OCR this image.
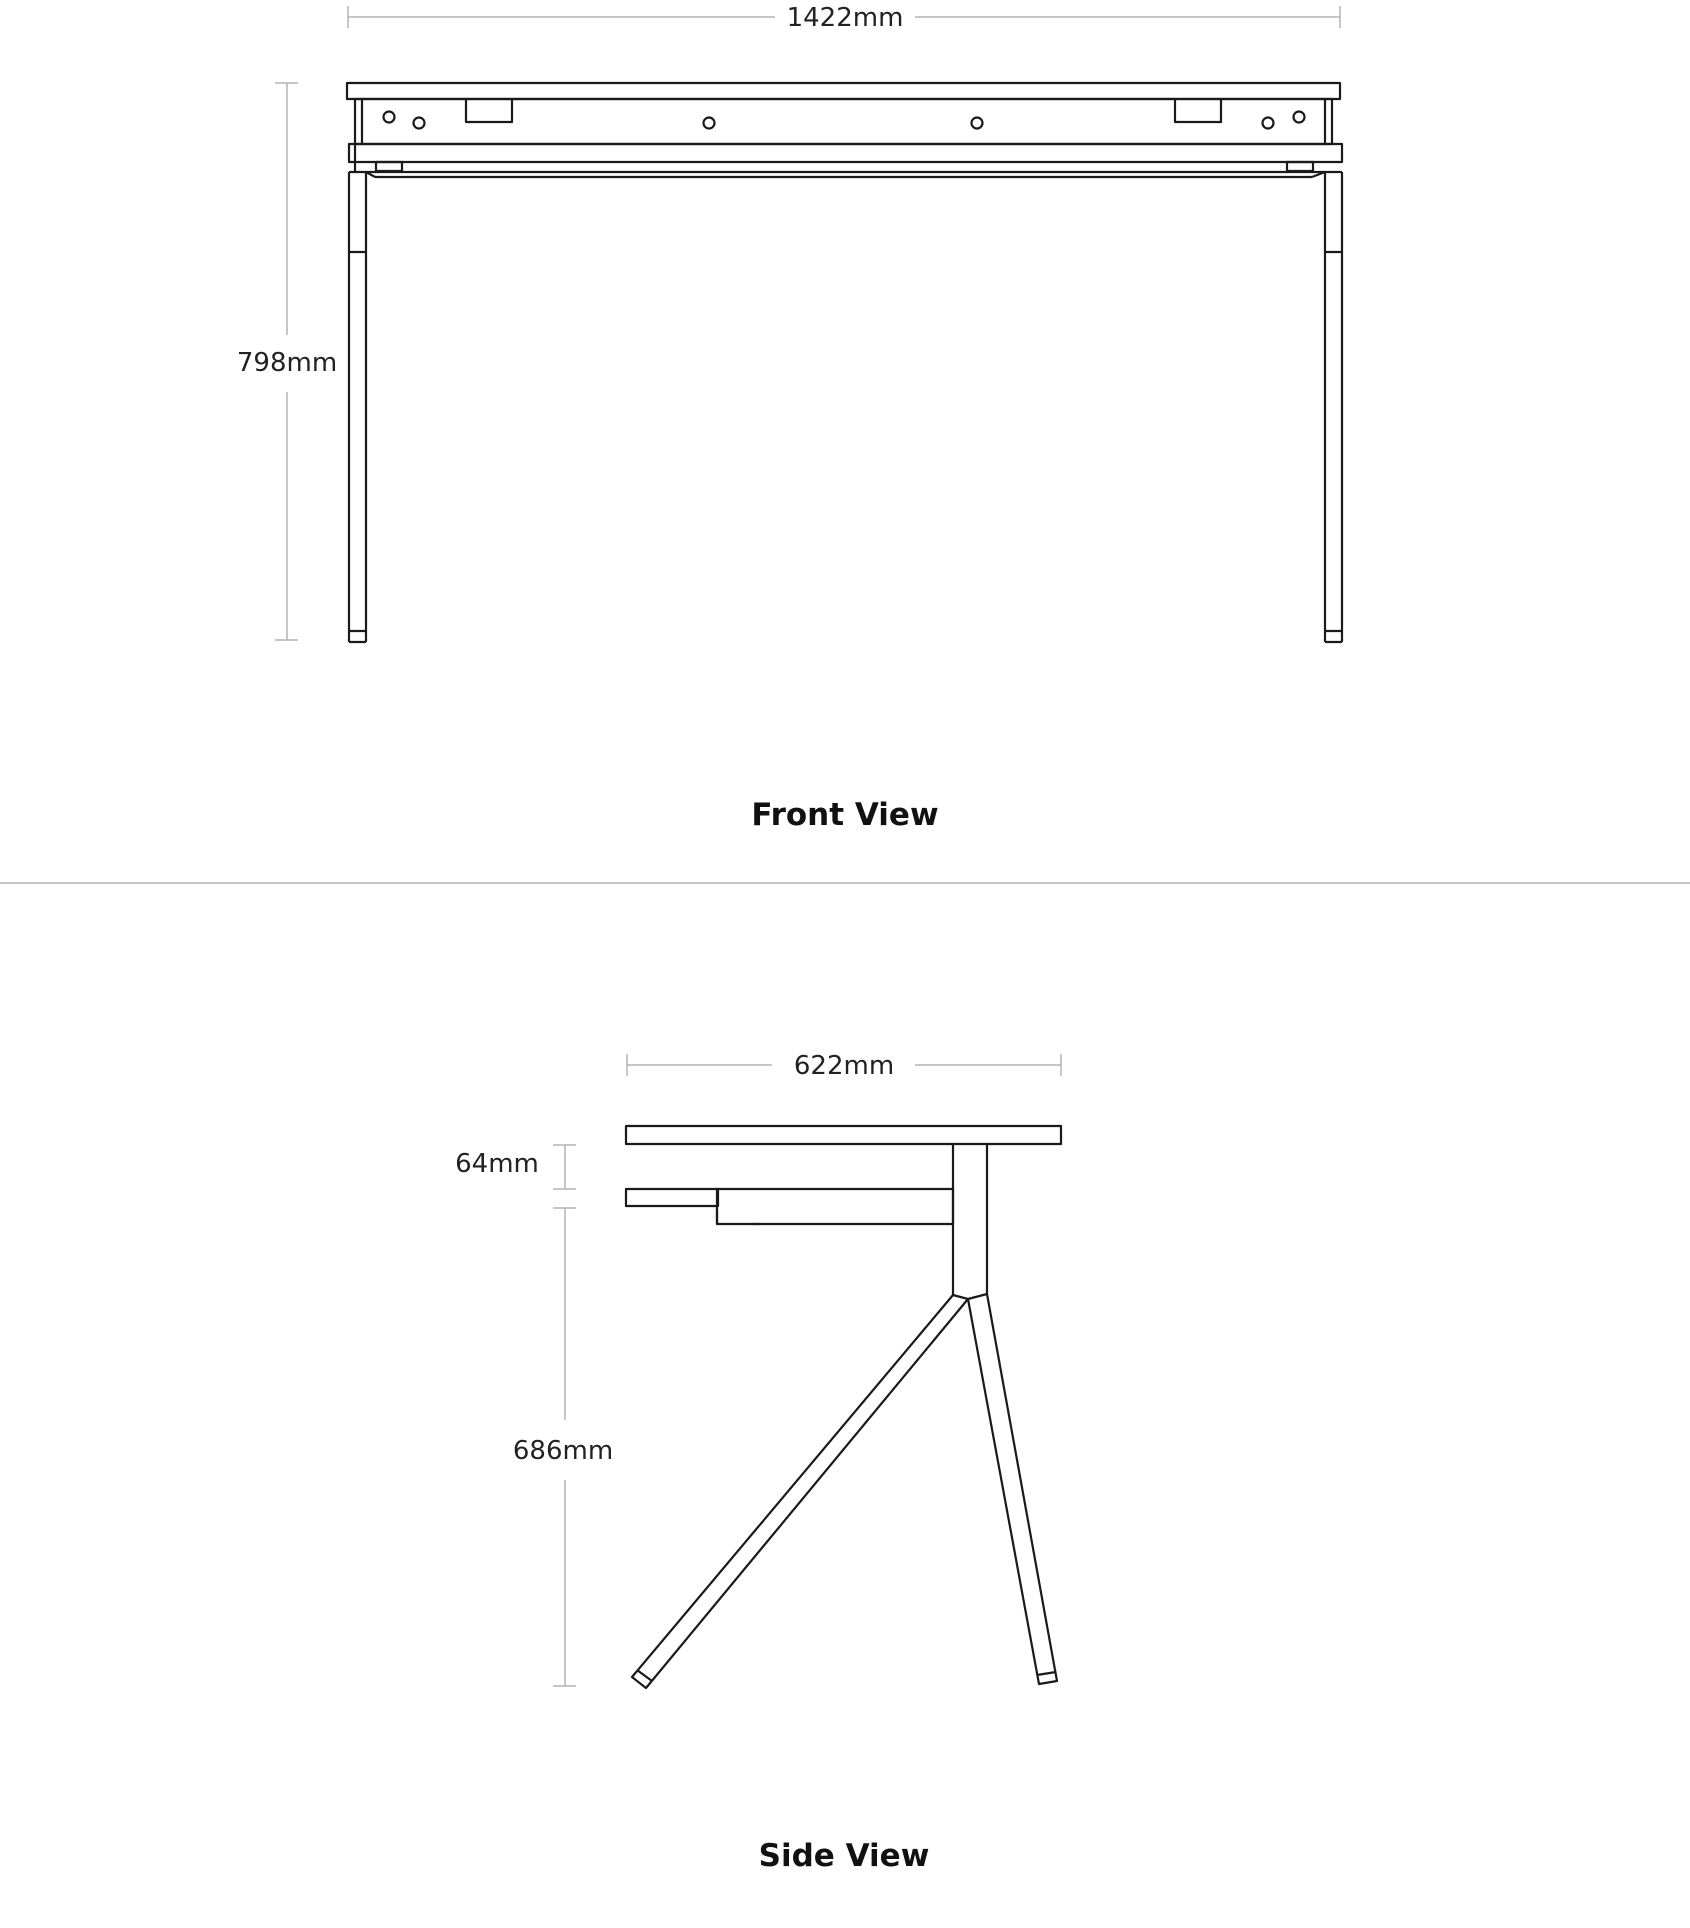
1422mm
798mm
Front View
622mm
64mm
686mm
Side View
